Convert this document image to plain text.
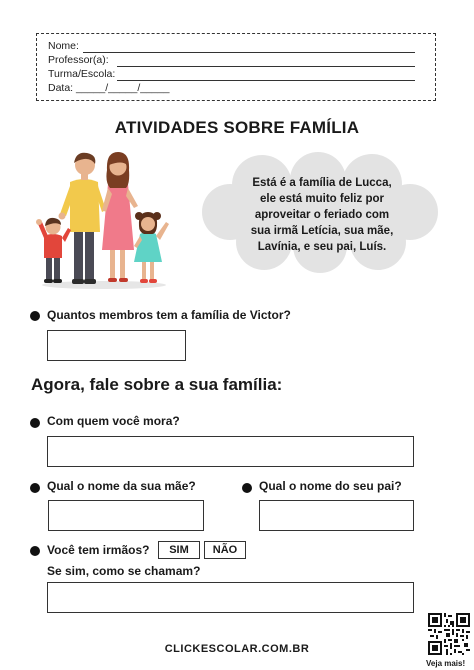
Nome:
Professor(a):
Turma/Escola:
Data: _____/_____/_____
ATIVIDADES SOBRE FAMÍLIA
Está é a família de Lucca,
ele está muito feliz por
aproveitar o feriado com
sua irmã Letícia, sua mãe,
Lavínia, e seu pai, Luís.
Quantos membros tem a família de Victor?
Agora, fale sobre a sua família:
Com quem você mora?
Qual o nome da sua mãe?	Qual o nome do seu pai?
Você tem irmãos?	SIM	NÃO
Se sim, como se chamam?
CLICKESCOLAR.COM.BR
Veja mais!
